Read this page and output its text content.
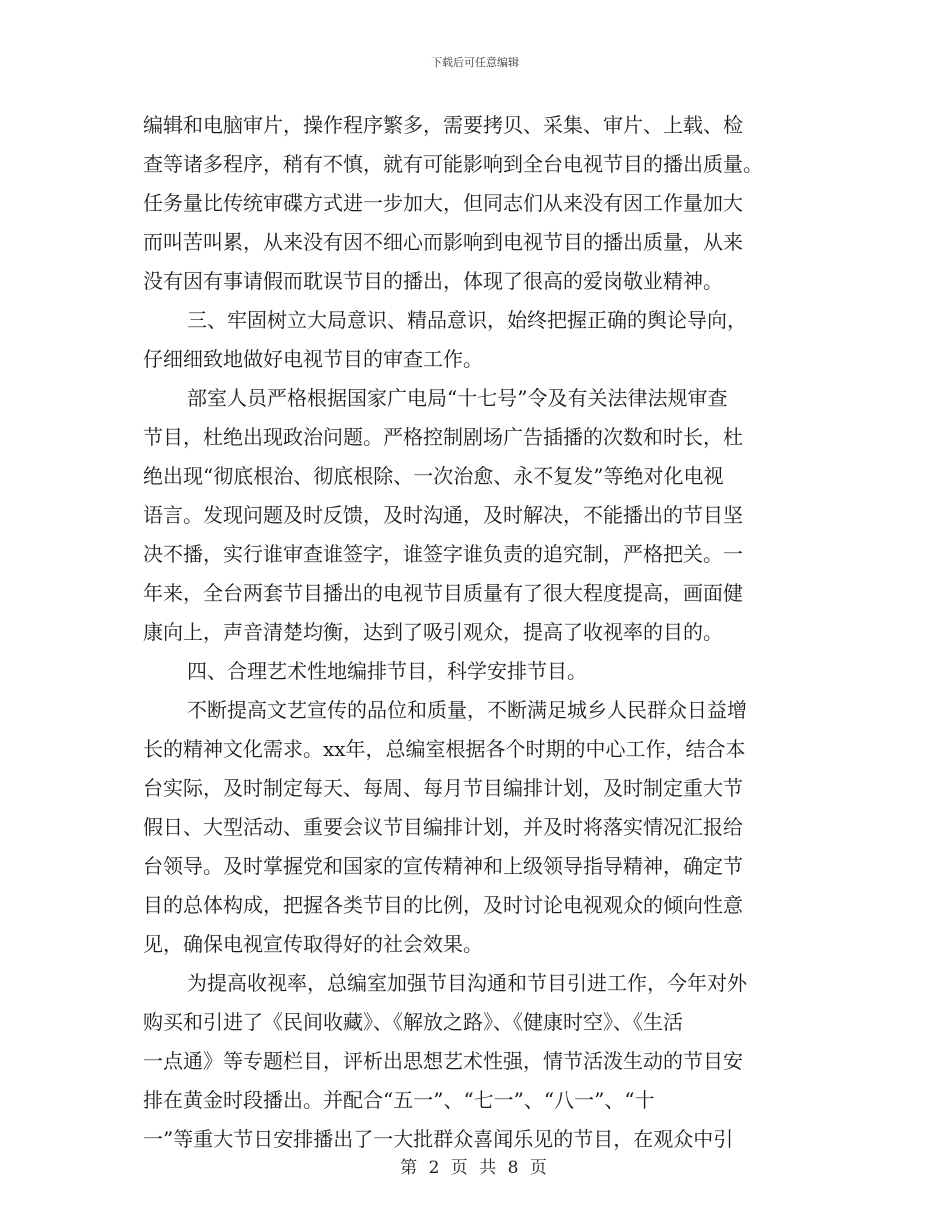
下载后可任意编辑
编辑和电脑审片，操作程序繁多，需要拷贝、采集、审片、上载、检
查等诸多程序，稍有不慎，就有可能影响到全台电视节目的播出质量。
任务量比传统审碟方式进一步加大，但同志们从来没有因工作量加大
而叫苦叫累，从来没有因不细心而影响到电视节目的播出质量，从来
没有因有事请假而耽误节目的播出，体现了很高的爱岗敬业精神。
三、牢固树立大局意识、精品意识，始终把握正确的舆论导向，
仔细细致地做好电视节目的审查工作。
部室人员严格根据国家广电局“十七号”令及有关法律法规审查
节目，杜绝出现政治问题。严格控制剧场广告插播的次数和时长，杜
绝出现“彻底根治、彻底根除、一次治愈、永不复发”等绝对化电视
语言。发现问题及时反馈，及时沟通，及时解决，不能播出的节目坚
决不播，实行谁审查谁签字，谁签字谁负责的追究制，严格把关。一
年来，全台两套节目播出的电视节目质量有了很大程度提高，画面健
康向上，声音清楚均衡，达到了吸引观众，提高了收视率的目的。
四、合理艺术性地编排节目，科学安排节目。
不断提高文艺宣传的品位和质量，不断满足城乡人民群众日益增
长的精神文化需求。xx年，总编室根据各个时期的中心工作，结合本
台实际，及时制定每天、每周、每月节目编排计划，及时制定重大节
假日、大型活动、重要会议节目编排计划，并及时将落实情况汇报给
台领导。及时掌握党和国家的宣传精神和上级领导指导精神，确定节
目的总体构成，把握各类节目的比例，及时讨论电视观众的倾向性意
见，确保电视宣传取得好的社会效果。
为提高收视率，总编室加强节目沟通和节目引进工作，今年对外
购买和引进了《民间收藏》、《解放之路》、《健康时空》、《生活
一点通》等专题栏目，评析出思想艺术性强，情节活泼生动的节目安
排在黄金时段播出。并配合“五一”、“七一”、“八一”、“十
一”等重大节日安排播出了一大批群众喜闻乐见的节目，在观众中引
第 2 页 共 8 页
